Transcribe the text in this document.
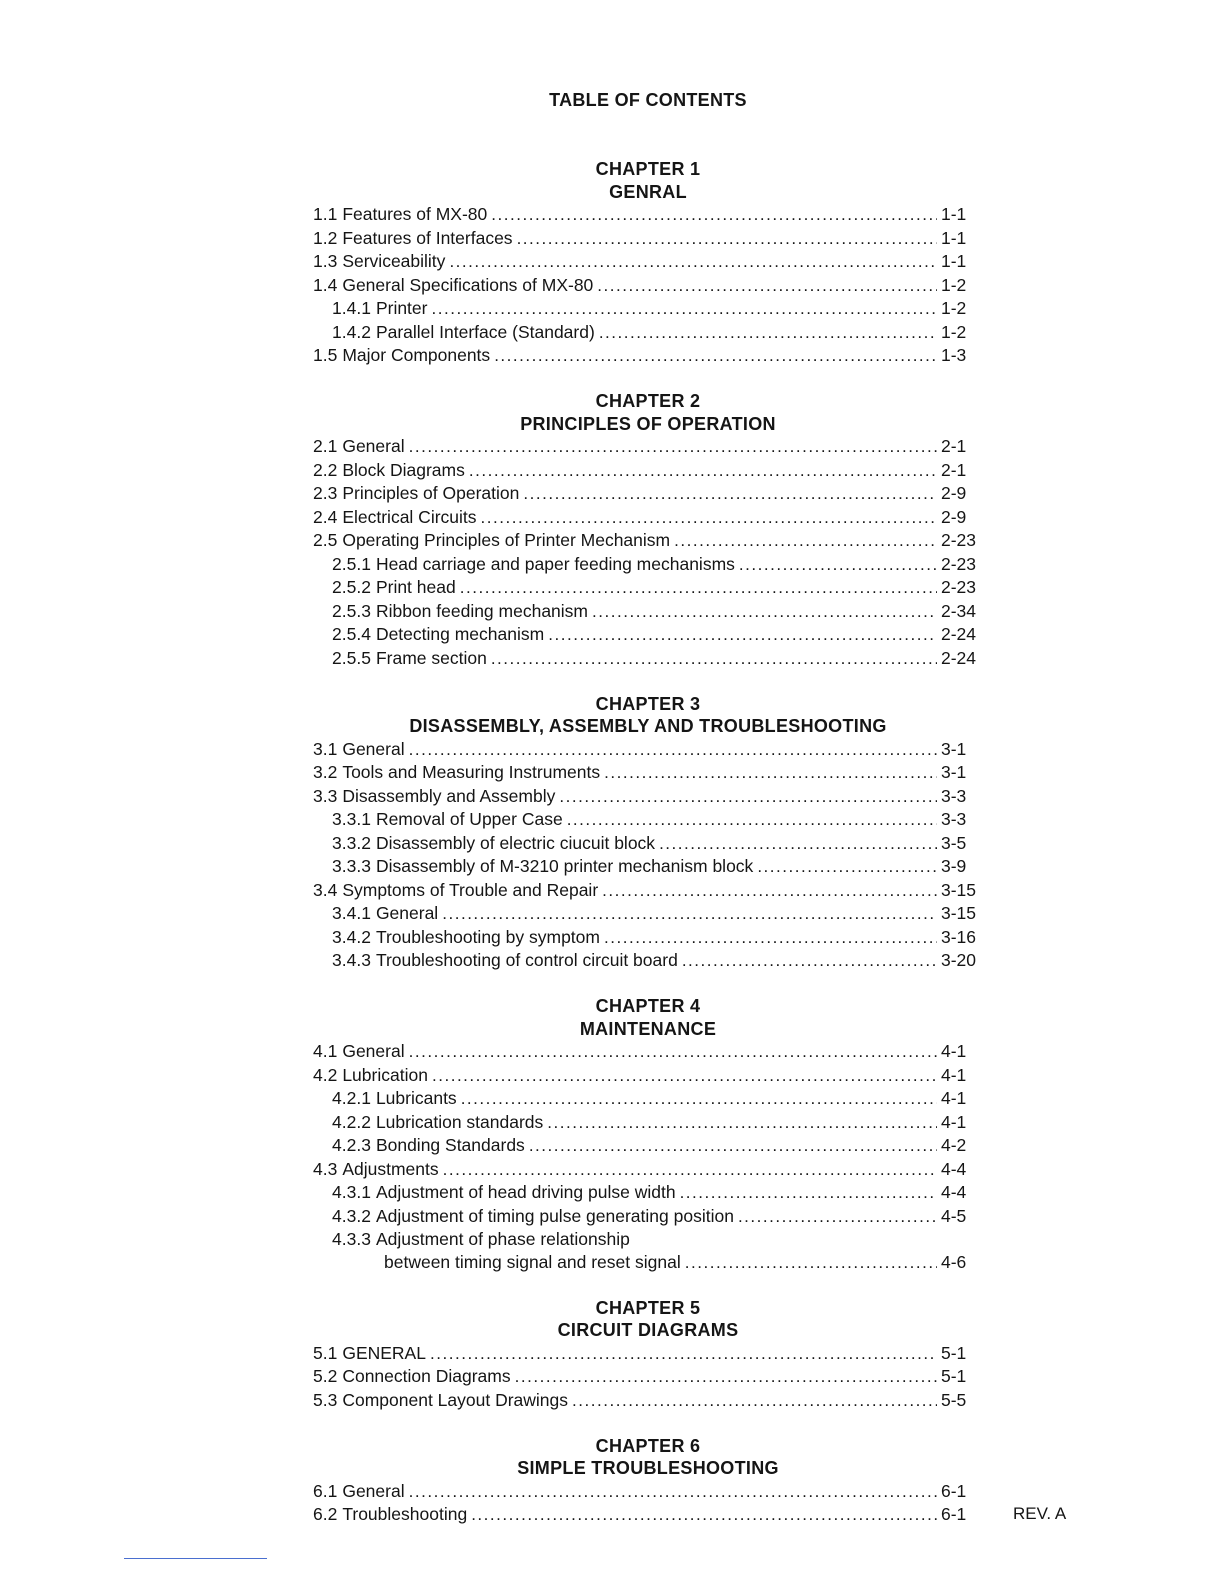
TABLE OF CONTENTS
CHAPTER 1
GENRAL
1.1 Features of MX-80 . . .	1-1
1.2 Features of Interfaces . . .	1-1
1.3 Serviceability . . .	1-1
1.4 General Specifications of MX-80 . . .	1-2
1.4.1 Printer . . .	1-2
1.4.2 Parallel Interface (Standard) . . .	1-2
1.5 Major Components . . .	1-3
CHAPTER 2
PRINCIPLES OF OPERATION
2.1 General . . .	2-1
2.2 Block Diagrams . . .	2-1
2.3 Principles of Operation . . .	2-9
2.4 Electrical Circuits . . .	2-9
2.5 Operating Principles of Printer Mechanism . . .	2-23
2.5.1 Head carriage and paper feeding mechanisms . . .	2-23
2.5.2 Print head . . .	2-23
2.5.3 Ribbon feeding mechanism . . .	2-34
2.5.4 Detecting mechanism . . .	2-24
2.5.5 Frame section . . .	2-24
CHAPTER 3
DISASSEMBLY, ASSEMBLY AND TROUBLESHOOTING
3.1 General . . .	3-1
3.2 Tools and Measuring Instruments . . .	3-1
3.3 Disassembly and Assembly . . .	3-3
3.3.1 Removal of Upper Case . . .	3-3
3.3.2 Disassembly of electric ciucuit block . . .	3-5
3.3.3 Disassembly of M-3210 printer mechanism block . . .	3-9
3.4 Symptoms of Trouble and Repair . . .	3-15
3.4.1 General . . .	3-15
3.4.2 Troubleshooting by symptom . . .	3-16
3.4.3 Troubleshooting of control circuit board . . .	3-20
CHAPTER 4
MAINTENANCE
4.1 General . . .	4-1
4.2 Lubrication . . .	4-1
4.2.1 Lubricants . . .	4-1
4.2.2 Lubrication standards . . .	4-1
4.2.3 Bonding Standards . . .	4-2
4.3 Adjustments . . .	4-4
4.3.1 Adjustment of head driving pulse width . . .	4-4
4.3.2 Adjustment of timing pulse generating position . . .	4-5
4.3.3 Adjustment of phase relationship
between timing signal and reset signal . . .	4-6
CHAPTER 5
CIRCUIT DIAGRAMS
5.1 GENERAL . . .	5-1
5.2 Connection Diagrams . . .	5-1
5.3 Component Layout Drawings . . .	5-5
CHAPTER 6
SIMPLE TROUBLESHOOTING
6.1 General . . .	6-1
6.2 Troubleshooting . . .	6-1	REV. A
